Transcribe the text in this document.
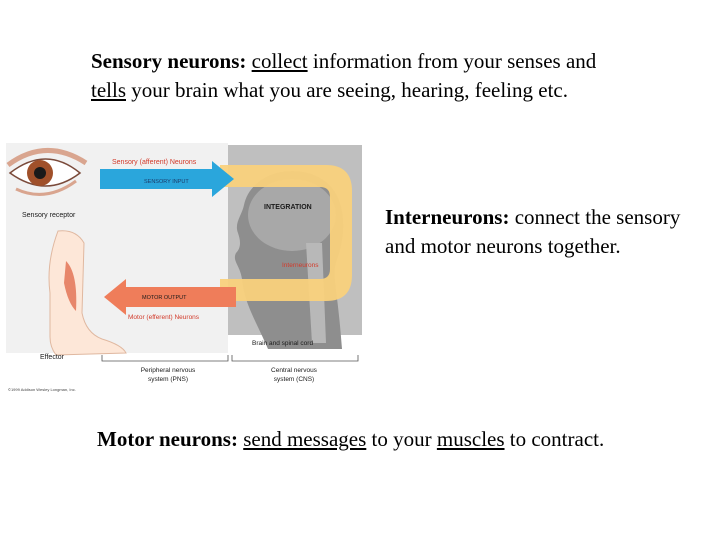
Sensory neurons: collect information from your senses and tells your brain what you are seeing, hearing, feeling etc.
Sensory (afferent) Neurons
SENSORY INPUT
Sensory receptor
INTEGRATION
Interneurons
MOTOR OUTPUT
Motor (efferent) Neurons
Effector
Brain and spinal cord
Peripheral nervous
system (PNS)
Central nervous
system (CNS)
©1999 Addison Wesley Longman, Inc.
Interneurons: connect the sensory and motor neurons together.
Motor neurons: send messages to your muscles to contract.
